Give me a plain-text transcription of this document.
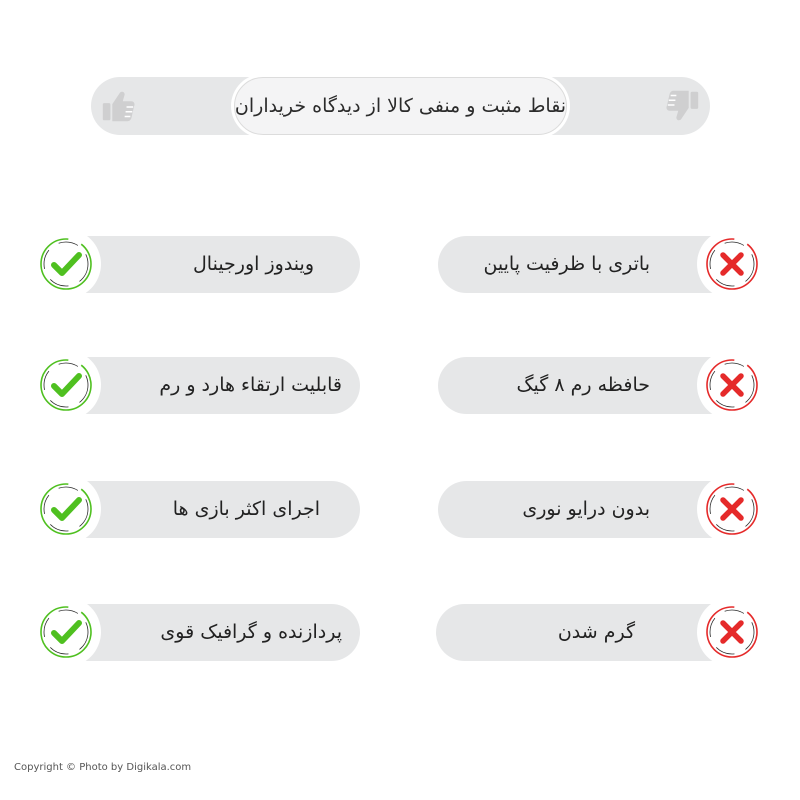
نقاط مثبت و منفی کالا از دیدگاه خریداران
ویندوز اورجینال
قابلیت ارتقاء هارد و رم
اجرای اکثر بازی ها
پردازنده و گرافیک قوی
باتری با ظرفیت پایین
حافظه رم ۸ گیگ
بدون درایو نوری
گرم شدن
Copyright © Photo by Digikala.com
